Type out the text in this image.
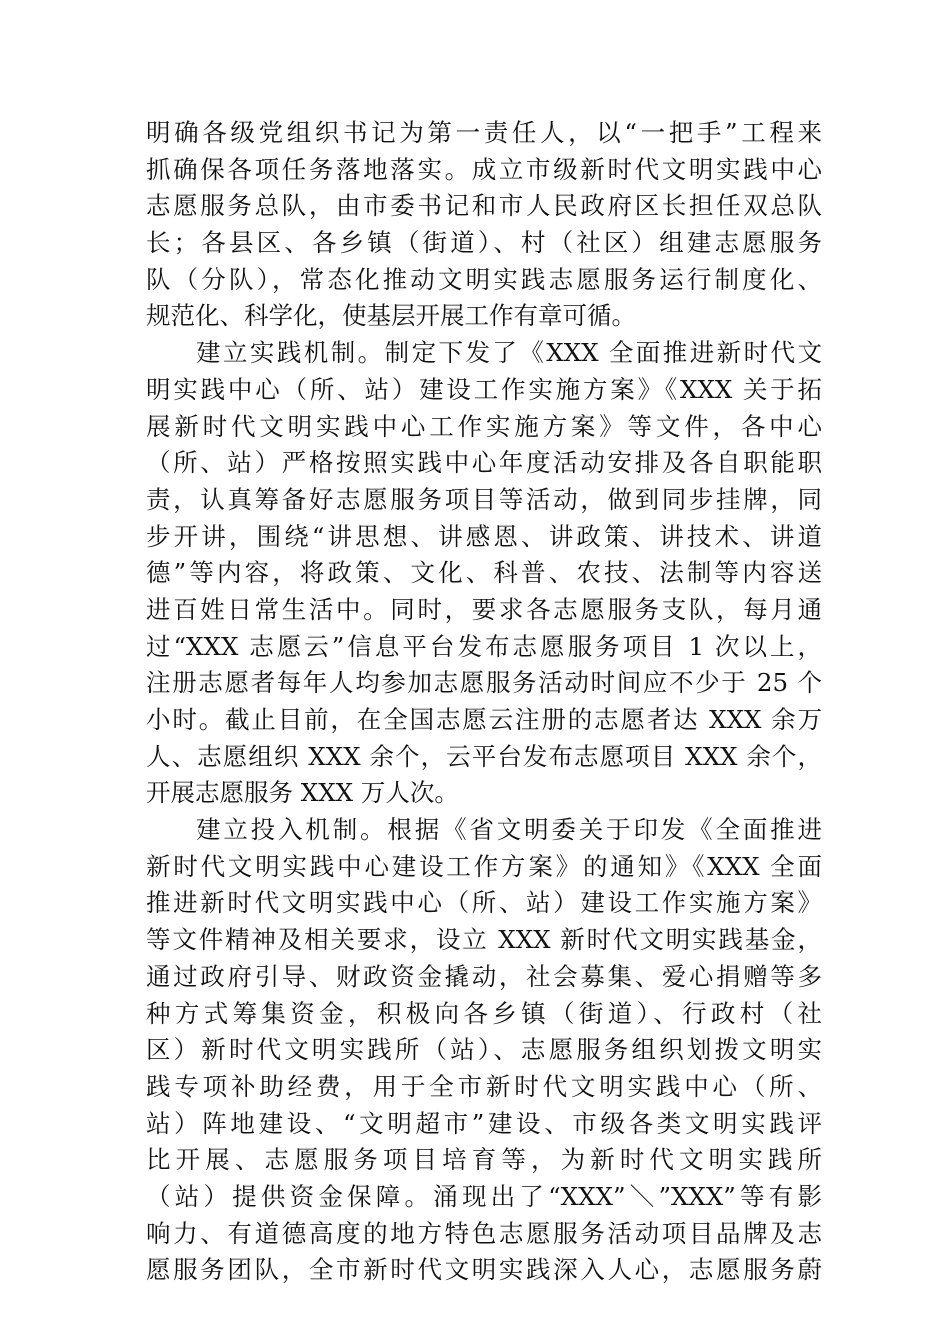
明确各级党组织书记为第一责任人，以“一把手”工程来
抓确保各项任务落地落实。成立市级新时代文明实践中心
志愿服务总队，由市委书记和市人民政府区长担任双总队
长；各县区、各乡镇（街道）、村（社区）组建志愿服务
队（分队），常态化推动文明实践志愿服务运行制度化、
规范化、科学化，使基层开展工作有章可循。
建立实践机制。制定下发了《XXX 全面推进新时代文
明实践中心（所、站）建设工作实施方案》《XXX 关于拓
展新时代文明实践中心工作实施方案》等文件，各中心
（所、站）严格按照实践中心年度活动安排及各自职能职
责，认真筹备好志愿服务项目等活动，做到同步挂牌，同
步开讲，围绕“讲思想、讲感恩、讲政策、讲技术、讲道
德”等内容，将政策、文化、科普、农技、法制等内容送
进百姓日常生活中。同时，要求各志愿服务支队，每月通
过“XXX 志愿云”信息平台发布志愿服务项目 1 次以上，
注册志愿者每年人均参加志愿服务活动时间应不少于 25 个
小时。截止目前，在全国志愿云注册的志愿者达 XXX 余万
人、志愿组织 XXX 余个，云平台发布志愿项目 XXX 余个，
开展志愿服务 XXX 万人次。
建立投入机制。根据《省文明委关于印发《全面推进
新时代文明实践中心建设工作方案》的通知》《XXX 全面
推进新时代文明实践中心（所、站）建设工作实施方案》
等文件精神及相关要求，设立 XXX 新时代文明实践基金，
通过政府引导、财政资金撬动，社会募集、爱心捐赠等多
种方式筹集资金，积极向各乡镇（街道）、行政村（社
区）新时代文明实践所（站）、志愿服务组织划拨文明实
践专项补助经费，用于全市新时代文明实践中心（所、
站）阵地建设、“文明超市”建设、市级各类文明实践评
比开展、志愿服务项目培育等，为新时代文明实践所
（站）提供资金保障。涌现出了“XXX”＼”XXX”等有影
响力、有道德高度的地方特色志愿服务活动项目品牌及志
愿服务团队，全市新时代文明实践深入人心，志愿服务蔚
